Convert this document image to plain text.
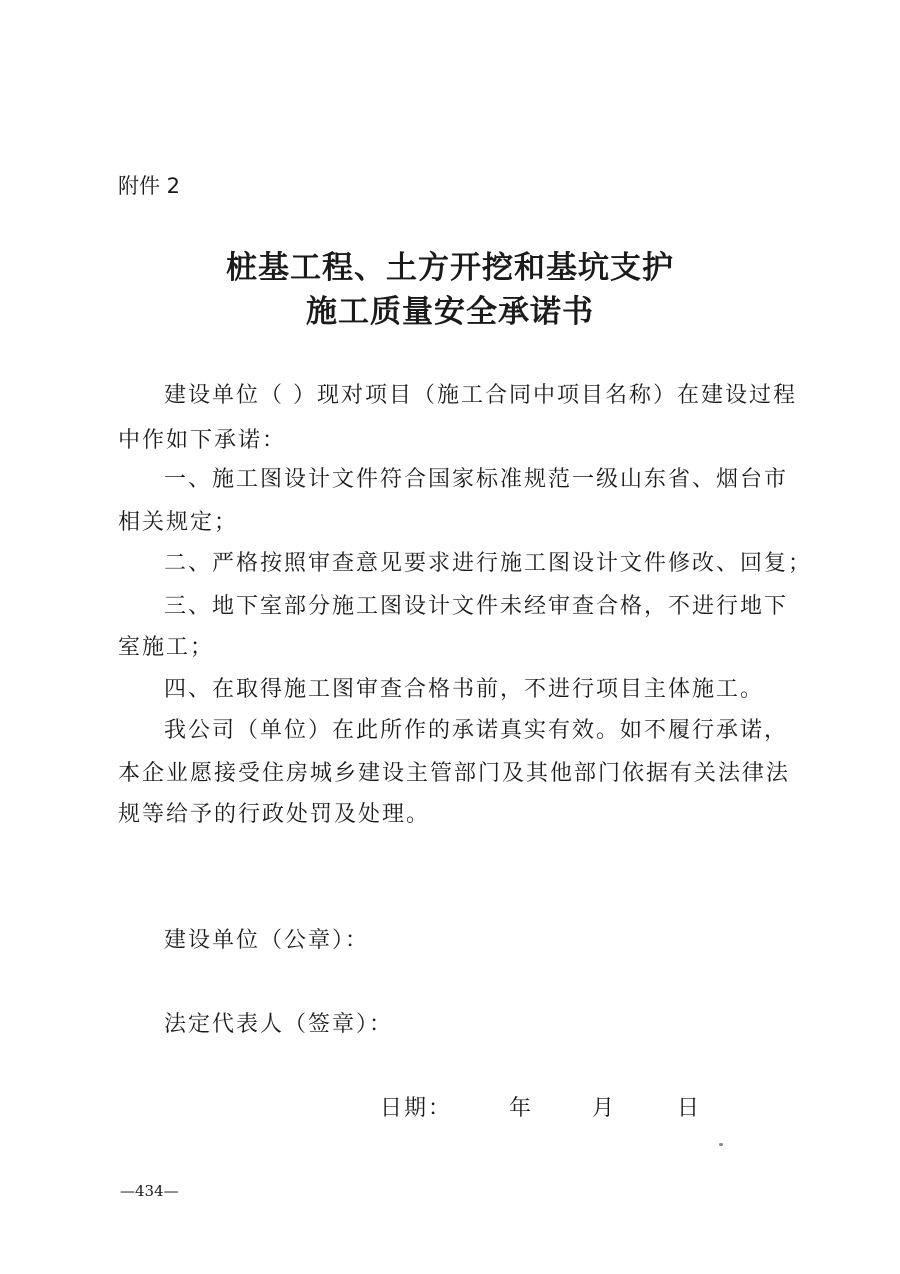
附件 2
桩基工程、土方开挖和基坑支护
施工质量安全承诺书
建设单位（ ）现对项目（施工合同中项目名称）在建设过程
中作如下承诺：
一、施工图设计文件符合国家标准规范一级山东省、烟台市
相关规定；
二、严格按照审查意见要求进行施工图设计文件修改、回复；
三、地下室部分施工图设计文件未经审查合格，不进行地下
室施工；
四、在取得施工图审查合格书前，不进行项目主体施工。
我公司（单位）在此所作的承诺真实有效。如不履行承诺，
本企业愿接受住房城乡建设主管部门及其他部门依据有关法律法
规等给予的行政处罚及处理。
建设单位（公章）：
法定代表人（签章）：
日期：	年	月	日
—434—
